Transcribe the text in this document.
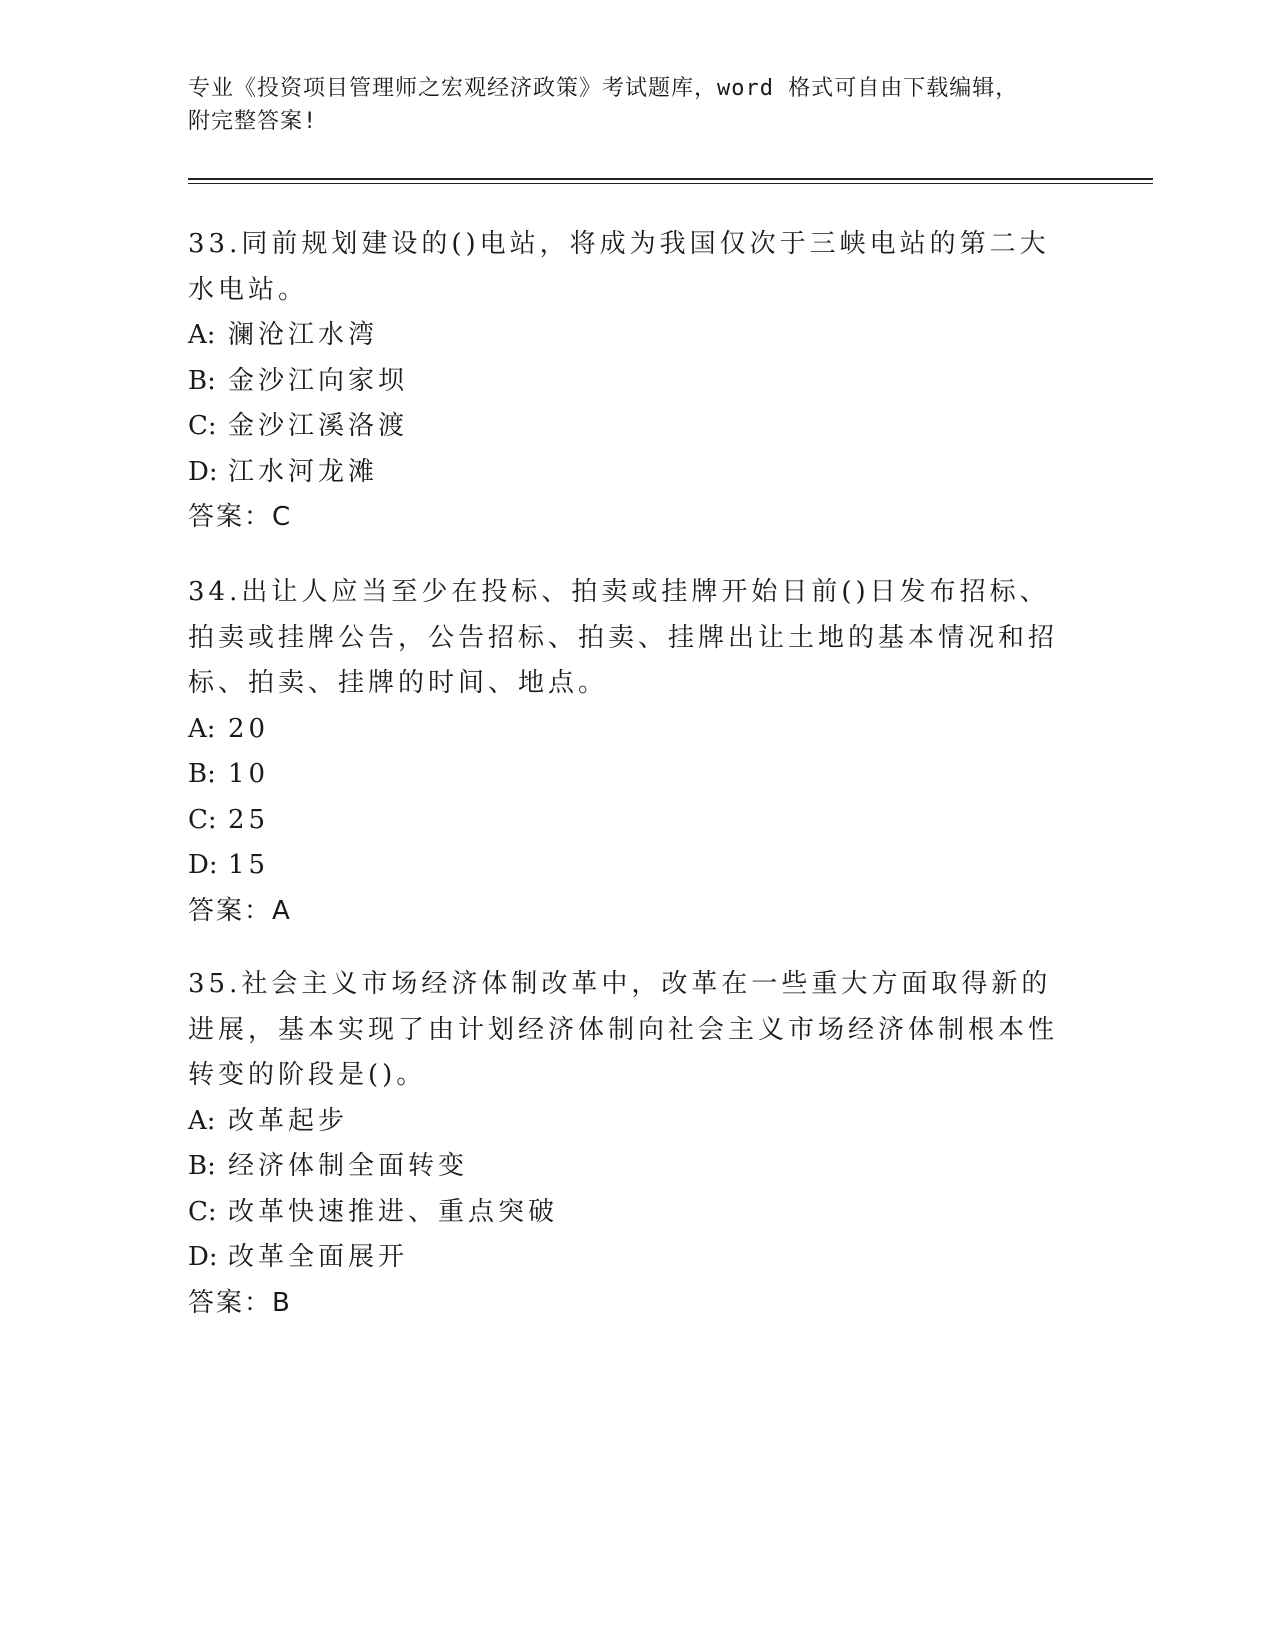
专业《投资项目管理师之宏观经济政策》考试题库，word 格式可自由下载编辑，
附完整答案!
33.同前规划建设的()电站，将成为我国仅次于三峡电站的第二大水电站。
A: 澜沧江水湾
B: 金沙江向家坝
C: 金沙江溪洛渡
D: 江水河龙滩
答案：C
34.出让人应当至少在投标、拍卖或挂牌开始日前()日发布招标、拍卖或挂牌公告，公告招标、拍卖、挂牌出让土地的基本情况和招标、拍卖、挂牌的时间、地点。
A: 20
B: 10
C: 25
D: 15
答案：A
35.社会主义市场经济体制改革中，改革在一些重大方面取得新的进展，基本实现了由计划经济体制向社会主义市场经济体制根本性转变的阶段是()。
A: 改革起步
B: 经济体制全面转变
C: 改革快速推进、重点突破
D: 改革全面展开
答案：B
